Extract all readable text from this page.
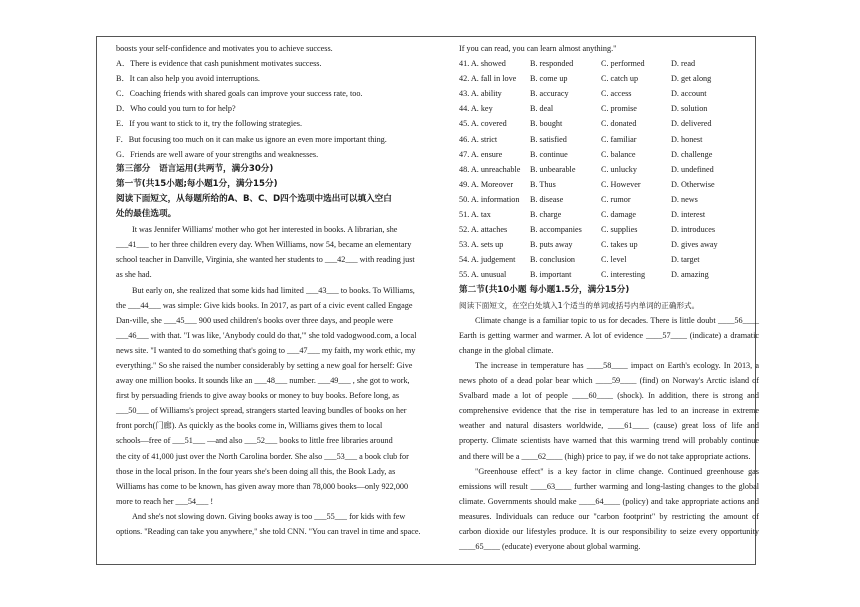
boosts your self-confidence and motivates you to achieve success.
A．There is evidence that cash punishment motivates success.
B．It can also help you avoid interruptions.
C．Coaching friends with shared goals can improve your success rate, too.
D．Who could you turn to for help?
E．If you want to stick to it, try the following strategies.
F．But focusing too much on it can make us ignore an even more important thing.
G．Friends are well aware of your strengths and weaknesses.
第三部分　语言运用(共两节，满分30分)
第一节(共15小题;每小题1分，满分15分)
阅读下面短文，从每题所给的A、B、C、D四个选项中选出可以填入空白
处的最佳选项。
It was Jennifer Williams' mother who got her interested in books. A librarian, she
___41___ to her three children every day. When Williams, now 54, became an elementary
school teacher in Danville, Virginia, she wanted her students to ___42___ with reading just
as she had.
But early on, she realized that some kids had limited ___43___ to books. To Williams,
the ___44___ was simple: Give kids books. In 2017, as part of a civic event called Engage
Dan-ville, she ___45___ 900 used children's books over three days, and people were
___46___ with that. "I was like, 'Anybody could do that,'" she told vadogwood.com, a local
news site. "I wanted to do something that's going to ___47___ my faith, my work ethic, my
everything." So she raised the number considerably by setting a new goal for herself: Give
away one million books. It sounds like an ___48___ number. ___49___ , she got to work,
first by persuading friends to give away books or money to buy books. Before long, as
___50___ of Williams's project spread, strangers started leaving bundles of books on her
front porch(门廊). As quickly as the books come in, Williams gives them to local
schools—free of ___51___ —and also ___52___ books to little free libraries around
the city of 41,000 just over the North Carolina border. She also ___53___ a book club for
those in the local prison. In the four years she's been doing all this, the Book Lady, as
Williams has come to be known, has given away more than 78,000 books—only 922,000
more to reach her ___54___ !
And she's not slowing down. Giving books away is too ___55___ for kids with few
options. "Reading can take you anywhere," she told CNN. "You can travel in time and space.
If you can read, you can learn almost anything."
41. A. showed	B. responded	C. performed	D. read
42. A. fall in love	B. come up	C. catch up	D. get along
43. A. ability	B. accuracy	C. access	D. account
44. A. key	B. deal	C. promise	D. solution
45. A. covered	B. bought	C. donated	D. delivered
46. A. strict	B. satisfied	C. familiar	D. honest
47. A. ensure	B. continue	C. balance	D. challenge
48. A. unreachable	B. unbearable	C. unlucky	D. undefined
49. A. Moreover	B. Thus	C. However	D. Otherwise
50. A. information	B. disease	C. rumor	D. news
51. A. tax	B. charge	C. damage	D. interest
52. A. attaches	B. accompanies	C. supplies	D. introduces
53. A. sets up	B. puts away	C. takes up	D. gives away
54. A. judgement	B. conclusion	C. level	D. target
55. A. unusual	B. important	C. interesting	D. amazing
第二节(共10小题 每小题1.5分，满分15分)
阅读下面短文，在空白处填入1个适当的单词或括号内单词的正确形式。
Climate change is a familiar topic to us for decades. There is little doubt ____56____ Earth is getting warmer and warmer. A lot of evidence ____57____ (indicate) a dramatic change in the global climate.
The increase in temperature has ____58____ impact on Earth's ecology. In 2013, a news photo of a dead polar bear which ____59____ (find) on Norway's Arctic island of Svalbard made a lot of people ____60____ (shock). In addition, there is strong and comprehensive evidence that the rise in temperature has led to an increase in extreme weather and natural disasters worldwide, ____61____ (cause) great loss of life and property. Climate scientists have warned that this warming trend will probably continue and there will be a ____62____ (high) price to pay, if we do not take appropriate actions.
"Greenhouse effect" is a key factor in clime change. Continued greenhouse gas emissions will result ____63____ further warming and long-lasting changes to the global climate. Governments should make ____64____ (policy) and take appropriate actions and measures. Individuals can reduce our "carbon footprint" by restricting the amount of carbon dioxide our lifestyles produce. It is our responsibility to seize every opportunity ____65____ (educate) everyone about global warming.
